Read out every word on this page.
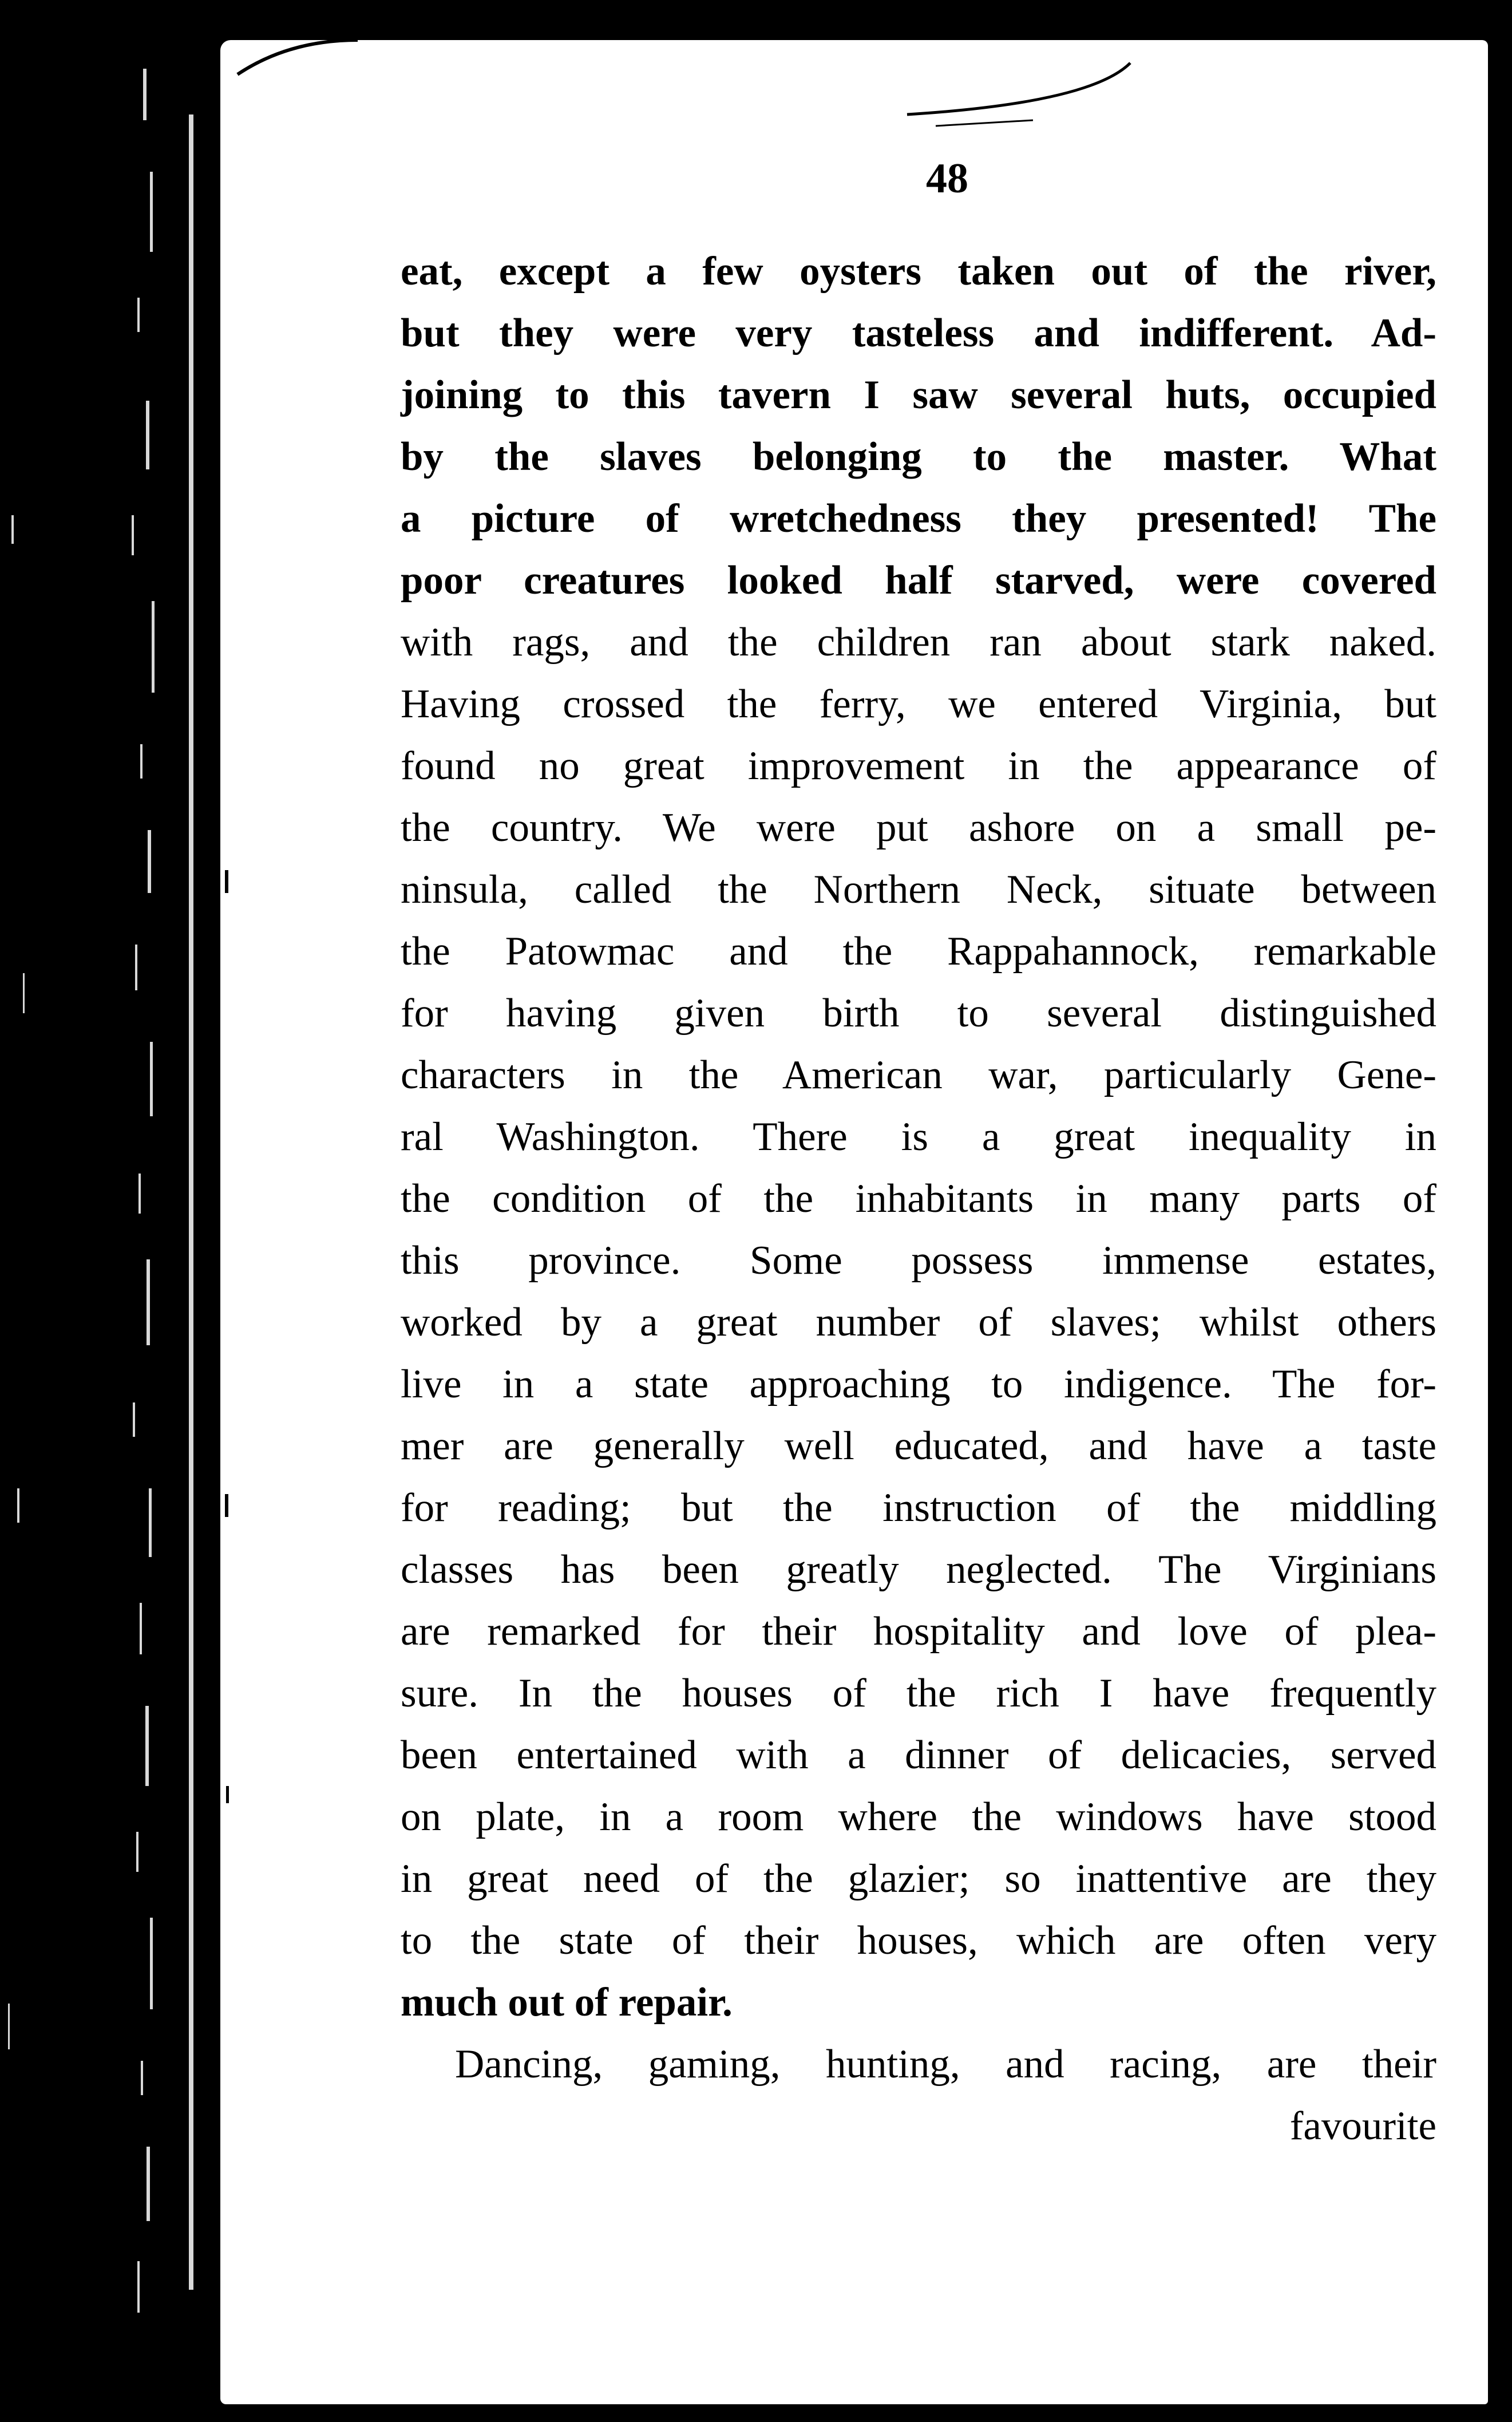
48
eat, except a few oysters taken out of the river,
but they were very tasteless and indifferent. Ad-
joining to this tavern I saw several huts, occupied
by the slaves belonging to the master. What
a picture of wretchedness they presented! The
poor creatures looked half starved, were covered
with rags, and the children ran about stark naked.
Having crossed the ferry, we entered Virginia, but
found no great improvement in the appearance of
the country. We were put ashore on a small pe-
ninsula, called the Northern Neck, situate between
the Patowmac and the Rappahannock, remarkable
for having given birth to several distinguished
characters in the American war, particularly Gene-
ral Washington. There is a great inequality in
the condition of the inhabitants in many parts of
this province. Some possess immense estates,
worked by a great number of slaves; whilst others
live in a state approaching to indigence. The for-
mer are generally well educated, and have a taste
for reading; but the instruction of the middling
classes has been greatly neglected. The Virginians
are remarked for their hospitality and love of plea-
sure. In the houses of the rich I have frequently
been entertained with a dinner of delicacies, served
on plate, in a room where the windows have stood
in great need of the glazier; so inattentive are they
to the state of their houses, which are often very
much out of repair.
Dancing, gaming, hunting, and racing, are their
favourite
